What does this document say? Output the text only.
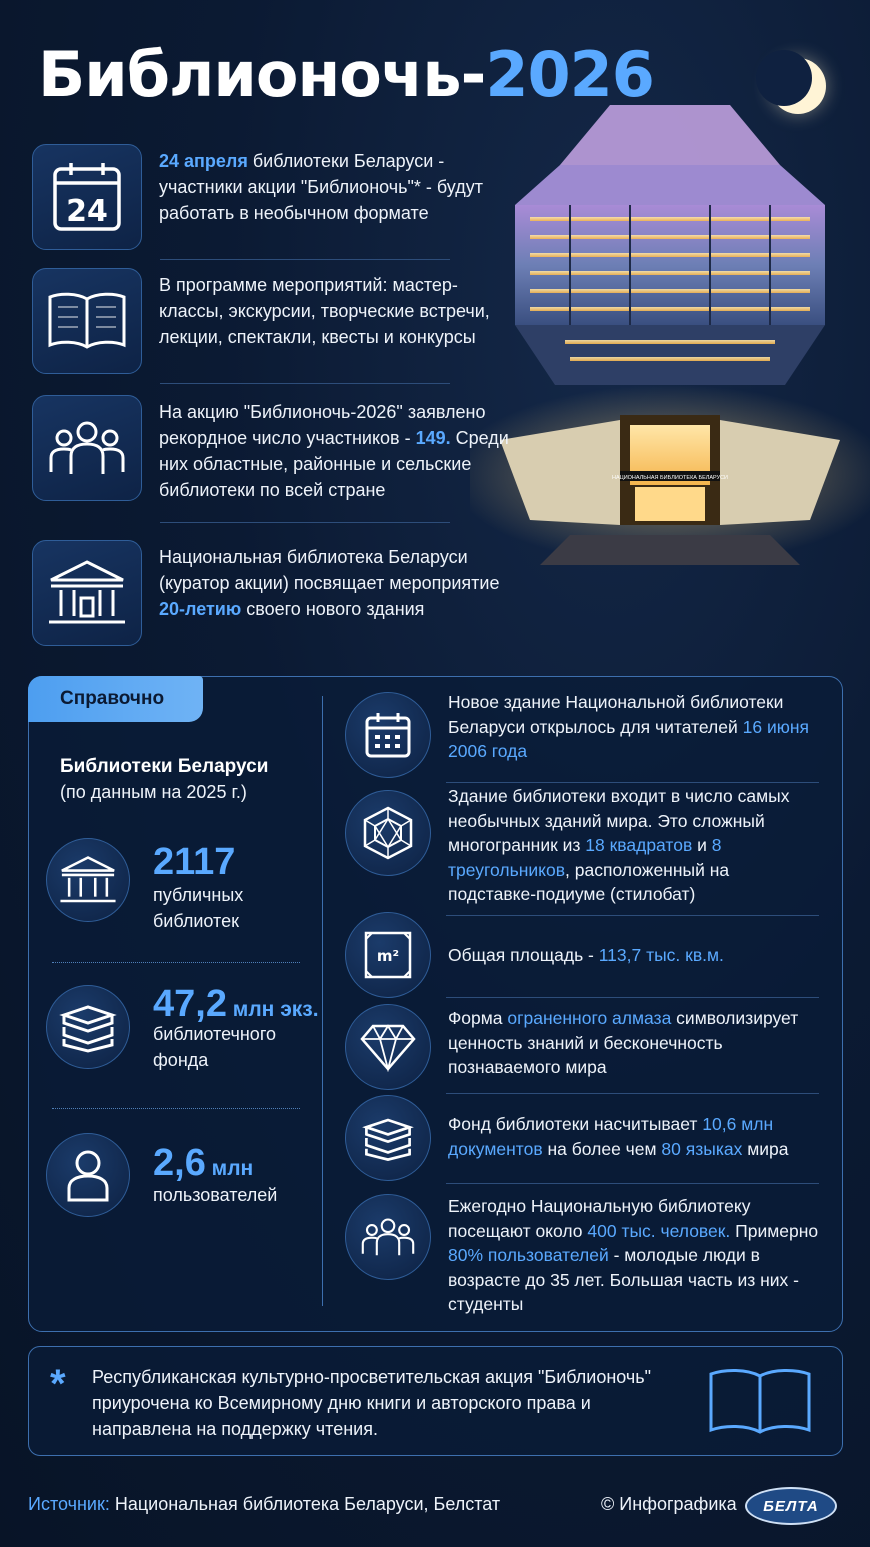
Библионочь-2026
НАЦИОНАЛЬНАЯ БИБЛИОТЕКА БЕЛАРУСИ
24
24 апреля библиотеки Беларуси - участники акции "Библионочь"* - будут работать в необычном формате
В программе мероприятий: мастер-классы, экскурсии, творческие встречи, лекции, спектакли, квесты и конкурсы
На акцию "Библионочь-2026" заявлено рекордное число участников - 149. Среди них областные, районные и сельские библиотеки по всей стране
Национальная библиотека Беларуси (куратор акции) посвящает мероприятие 20-летию своего нового здания
Справочно
Библиотеки Беларуси
(по данным на 2025 г.)
2117
публичных
библиотек
47,2 млн экз.
библиотечного
фонда
2,6 млн
пользователей
Новое здание Национальной библиотеки Беларуси открылось для читателей 16 июня 2006 года
Здание библиотеки входит в число самых необычных зданий мира. Это сложный многогранник из 18 квадратов и 8 треугольников, расположенный на подставке-подиуме (стилобат)
m²	Общая площадь - 113,7 тыс. кв.м.
Форма ограненного алмаза символизирует ценность знаний и бесконечность познаваемого мира
Фонд библиотеки насчитывает 10,6 млн документов на более чем 80 языках мира
Ежегодно Национальную библиотеку посещают около 400 тыс. человек. Примерно 80% пользователей - молодые люди в возрасте до 35 лет. Большая часть из них - студенты
* Республиканская культурно-просветительская акция "Библионочь" приурочена ко Всемирному дню книги и авторского права и направлена на поддержку чтения.
Источник: Национальная библиотека Беларуси, Белстат	© Инфографика	БЕЛТА
